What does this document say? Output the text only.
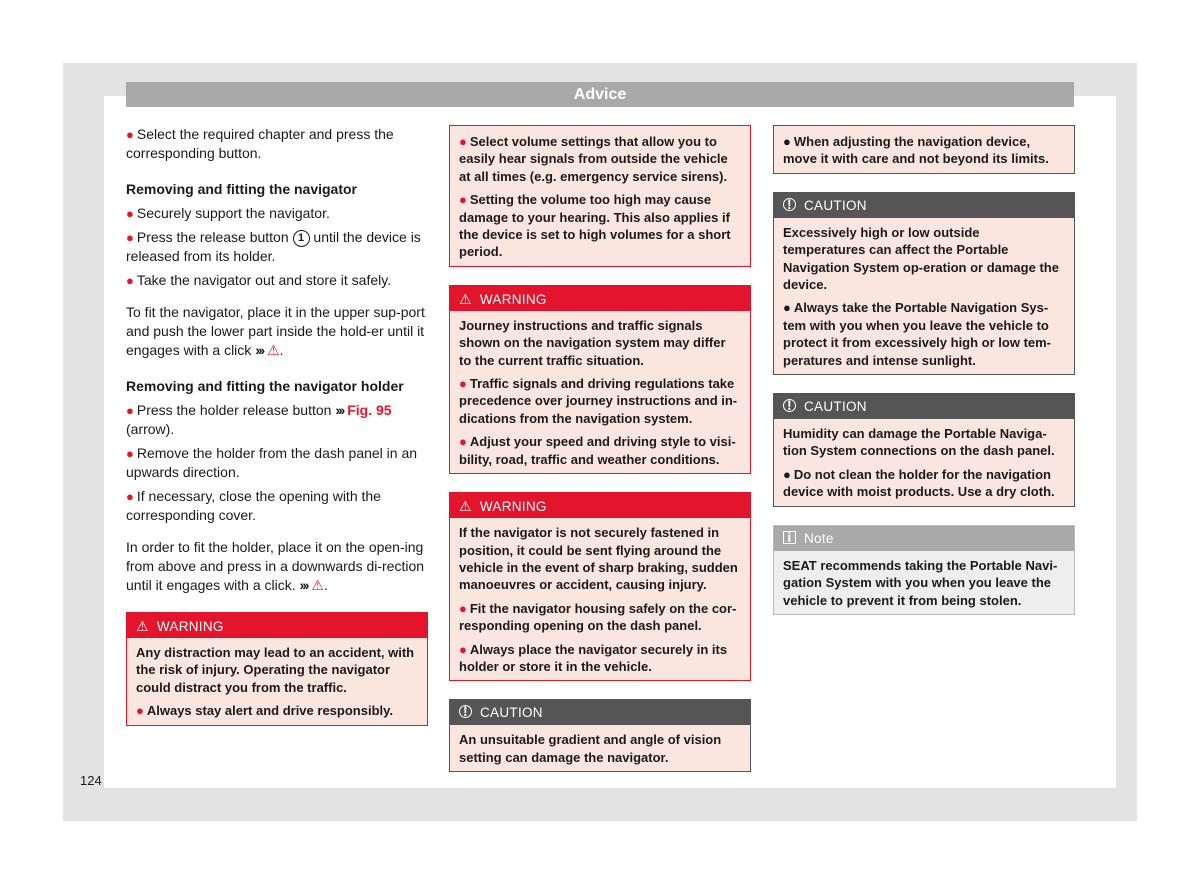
Advice

● Select the required chapter and press the corresponding button.

Removing and fitting the navigator

● Securely support the navigator.

● Press the release button 1 until the device is released from its holder.

● Take the navigator out and store it safely.

To fit the navigator, place it in the upper sup-port and push the lower part inside the hold-er until it engages with a click ››› ⚠.

Removing and fitting the navigator holder

● Press the holder release button ››› Fig. 95 (arrow).

● Remove the holder from the dash panel in an upwards direction.

● If necessary, close the opening with the corresponding cover.

In order to fit the holder, place it on the open-ing from above and press in a downwards di-rection until it engages with a click. ››› ⚠.

⚠ WARNING

Any distraction may lead to an accident, with the risk of injury. Operating the navigator could distract you from the traffic.

● Always stay alert and drive responsibly.

● Select volume settings that allow you to easily hear signals from outside the vehicle at all times (e.g. emergency service sirens).

● Setting the volume too high may cause damage to your hearing. This also applies if the device is set to high volumes for a short period.

⚠ WARNING

Journey instructions and traffic signals shown on the navigation system may differ to the current traffic situation.

● Traffic signals and driving regulations take precedence over journey instructions and in-dications from the navigation system.

● Adjust your speed and driving style to visi-bility, road, traffic and weather conditions.

⚠ WARNING

If the navigator is not securely fastened in position, it could be sent flying around the vehicle in the event of sharp braking, sudden manoeuvres or accident, causing injury.

● Fit the navigator housing safely on the cor-responding opening on the dash panel.

● Always place the navigator securely in its holder or store it in the vehicle.

! CAUTION

An unsuitable gradient and angle of vision setting can damage the navigator.

● When adjusting the navigation device, move it with care and not beyond its limits.

! CAUTION

Excessively high or low outside temperatures can affect the Portable Navigation System op-eration or damage the device.

● Always take the Portable Navigation Sys-tem with you when you leave the vehicle to protect it from excessively high or low tem-peratures and intense sunlight.

! CAUTION

Humidity can damage the Portable Naviga-tion System connections on the dash panel.

● Do not clean the holder for the navigation device with moist products. Use a dry cloth.

i Note

SEAT recommends taking the Portable Navi-gation System with you when you leave the vehicle to prevent it from being stolen.

124
